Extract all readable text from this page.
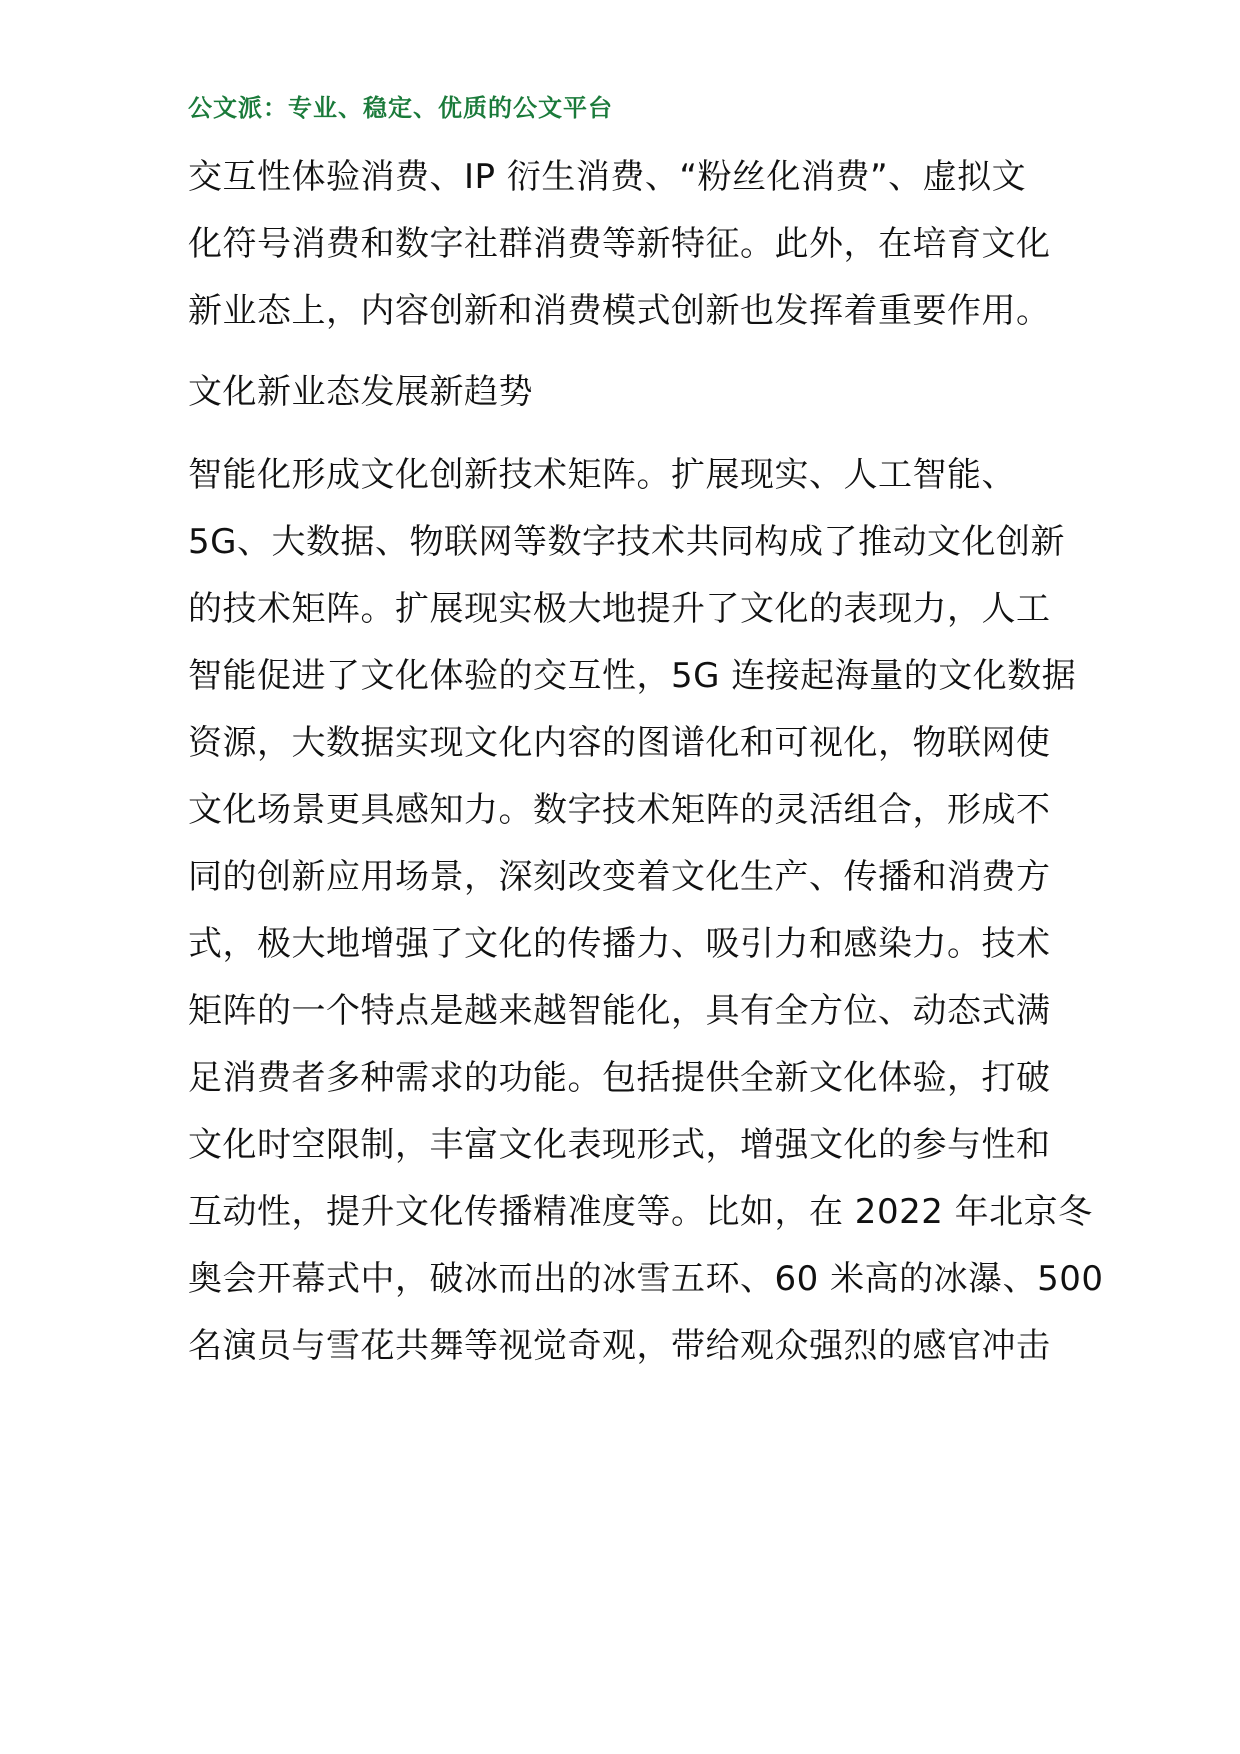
公文派：专业、稳定、优质的公文平台
交互性体验消费、IP 衍生消费、“粉丝化消费”、虚拟文
化符号消费和数字社群消费等新特征。此外，在培育文化
新业态上，内容创新和消费模式创新也发挥着重要作用。
文化新业态发展新趋势
智能化形成文化创新技术矩阵。扩展现实、人工智能、
5G、大数据、物联网等数字技术共同构成了推动文化创新
的技术矩阵。扩展现实极大地提升了文化的表现力，人工
智能促进了文化体验的交互性，5G 连接起海量的文化数据
资源，大数据实现文化内容的图谱化和可视化，物联网使
文化场景更具感知力。数字技术矩阵的灵活组合，形成不
同的创新应用场景，深刻改变着文化生产、传播和消费方
式，极大地增强了文化的传播力、吸引力和感染力。技术
矩阵的一个特点是越来越智能化，具有全方位、动态式满
足消费者多种需求的功能。包括提供全新文化体验，打破
文化时空限制，丰富文化表现形式，增强文化的参与性和
互动性，提升文化传播精准度等。比如，在 2022 年北京冬
奥会开幕式中，破冰而出的冰雪五环、60 米高的冰瀑、500
名演员与雪花共舞等视觉奇观，带给观众强烈的感官冲击
